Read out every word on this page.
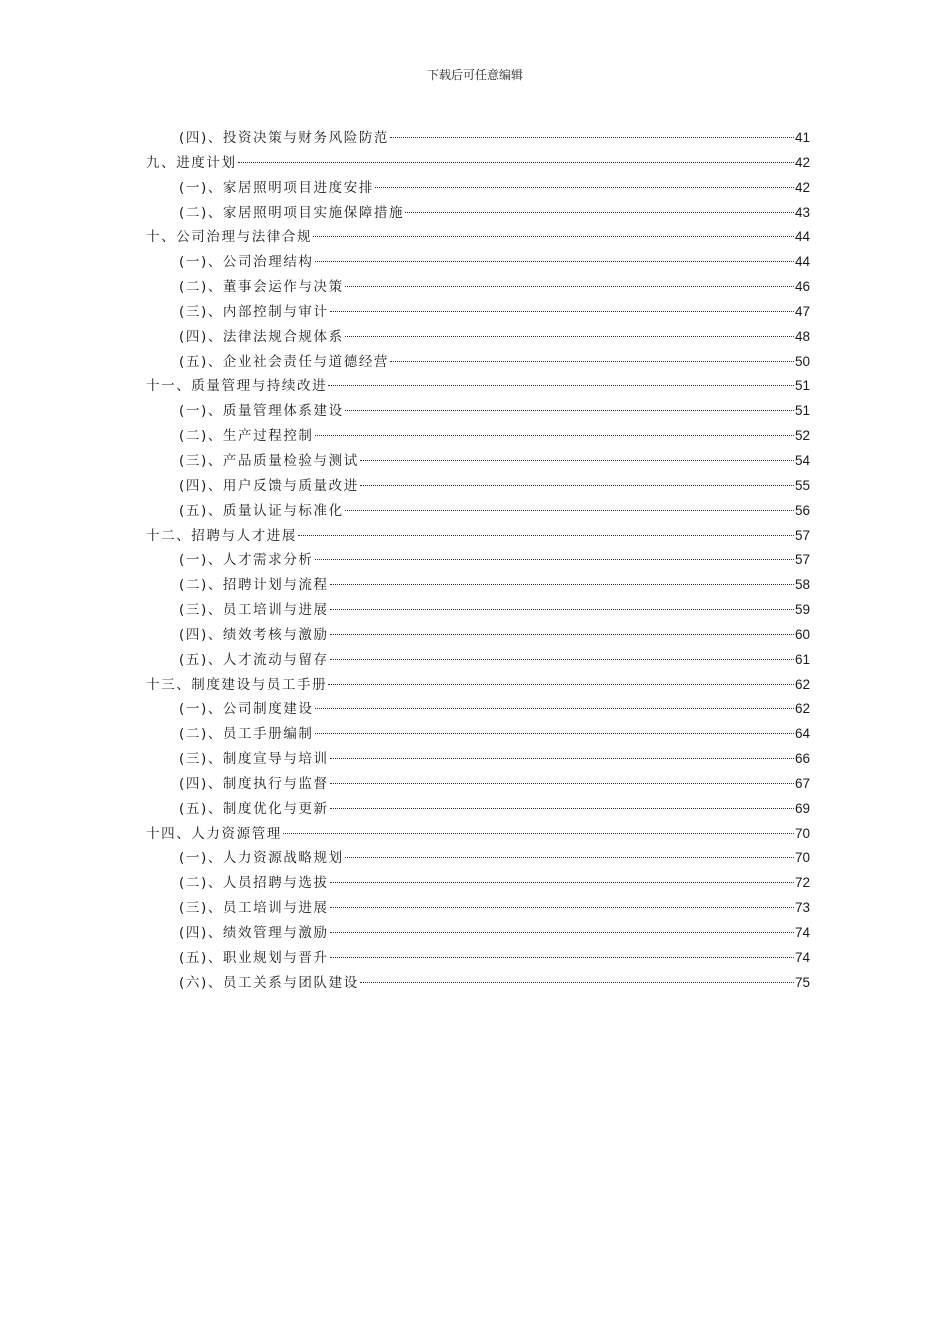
下载后可任意编辑
(四)、投资决策与财务风险防范	41
九、进度计划	42
(一)、家居照明项目进度安排	42
(二)、家居照明项目实施保障措施	43
十、公司治理与法律合规	44
(一)、公司治理结构	44
(二)、董事会运作与决策	46
(三)、内部控制与审计	47
(四)、法律法规合规体系	48
(五)、企业社会责任与道德经营	50
十一、质量管理与持续改进	51
(一)、质量管理体系建设	51
(二)、生产过程控制	52
(三)、产品质量检验与测试	54
(四)、用户反馈与质量改进	55
(五)、质量认证与标准化	56
十二、招聘与人才进展	57
(一)、人才需求分析	57
(二)、招聘计划与流程	58
(三)、员工培训与进展	59
(四)、绩效考核与激励	60
(五)、人才流动与留存	61
十三、制度建设与员工手册	62
(一)、公司制度建设	62
(二)、员工手册编制	64
(三)、制度宣导与培训	66
(四)、制度执行与监督	67
(五)、制度优化与更新	69
十四、人力资源管理	70
(一)、人力资源战略规划	70
(二)、人员招聘与选拔	72
(三)、员工培训与进展	73
(四)、绩效管理与激励	74
(五)、职业规划与晋升	74
(六)、员工关系与团队建设	75
